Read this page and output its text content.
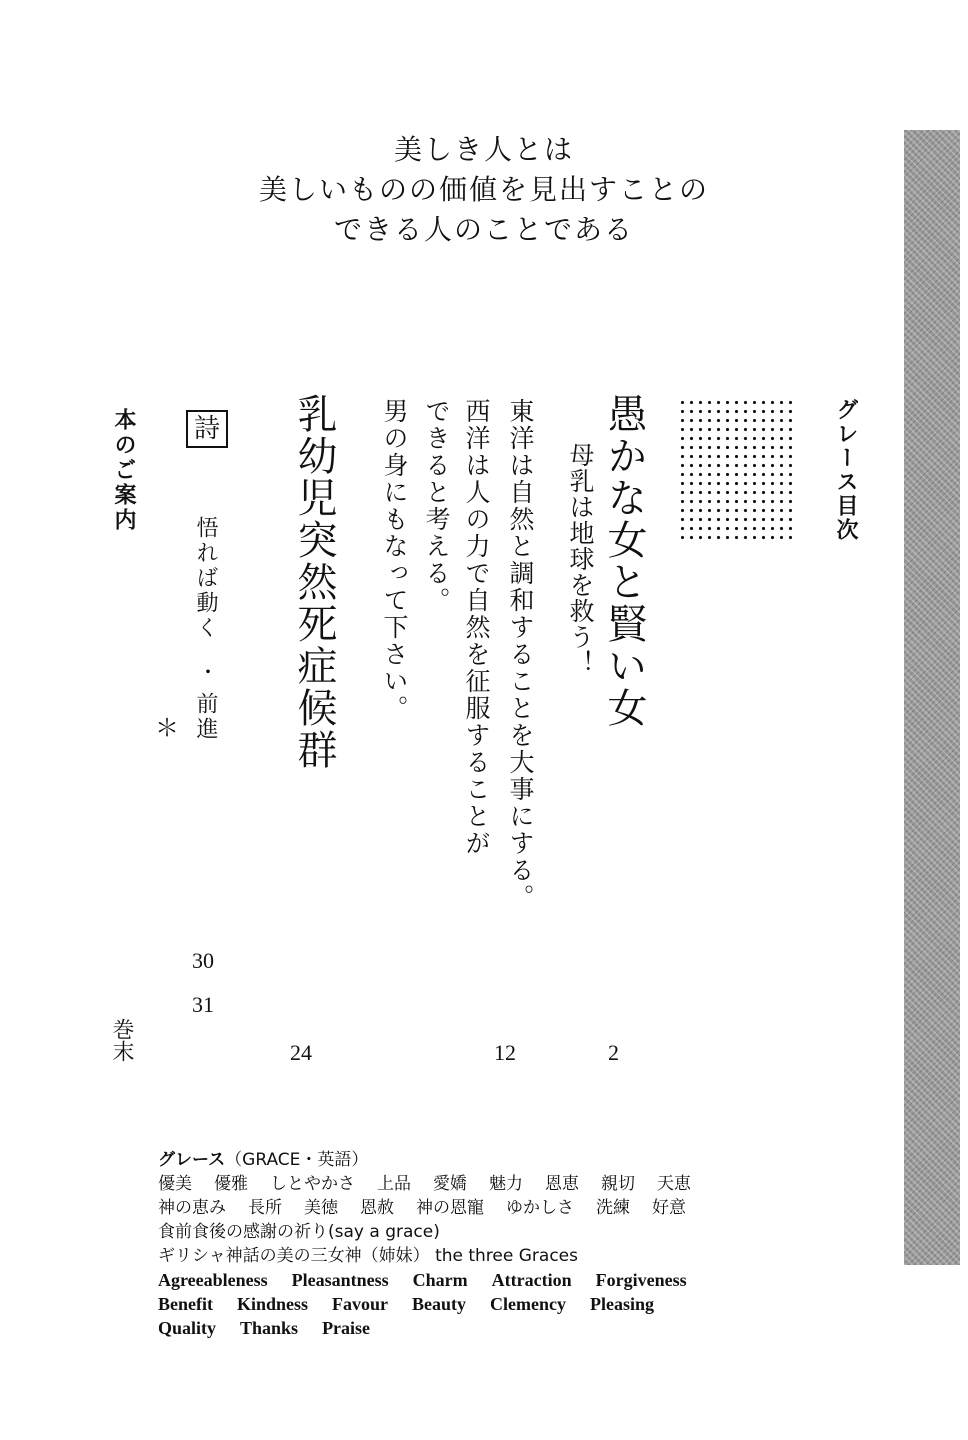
美しき人とは
美しいものの価値を見出すことの
できる人のことである
グレース目次
愚かな女と賢い女
母乳は地球を救う！
2
東洋は自然と調和することを大事にする。
西洋は人の力で自然を征服することが
できると考える。
男の身にもなって下さい。
12
乳幼児突然死症候群
24
詩
悟れば動く
・
前進
＊
30
31
本のご案内
巻末
グレース（GRACE・英語）
優美 優雅 しとやかさ 上品 愛嬌 魅力 恩恵 親切 天恵
神の恵み 長所 美徳 恩赦 神の恩寵 ゆかしさ 洗練 好意
食前食後の感謝の祈り(say a grace)
ギリシャ神話の美の三女神（姉妹） the three Graces
Agreeableness Pleasantness Charm Attraction Forgiveness
Benefit Kindness Favour Beauty Clemency Pleasing
Quality Thanks Praise
